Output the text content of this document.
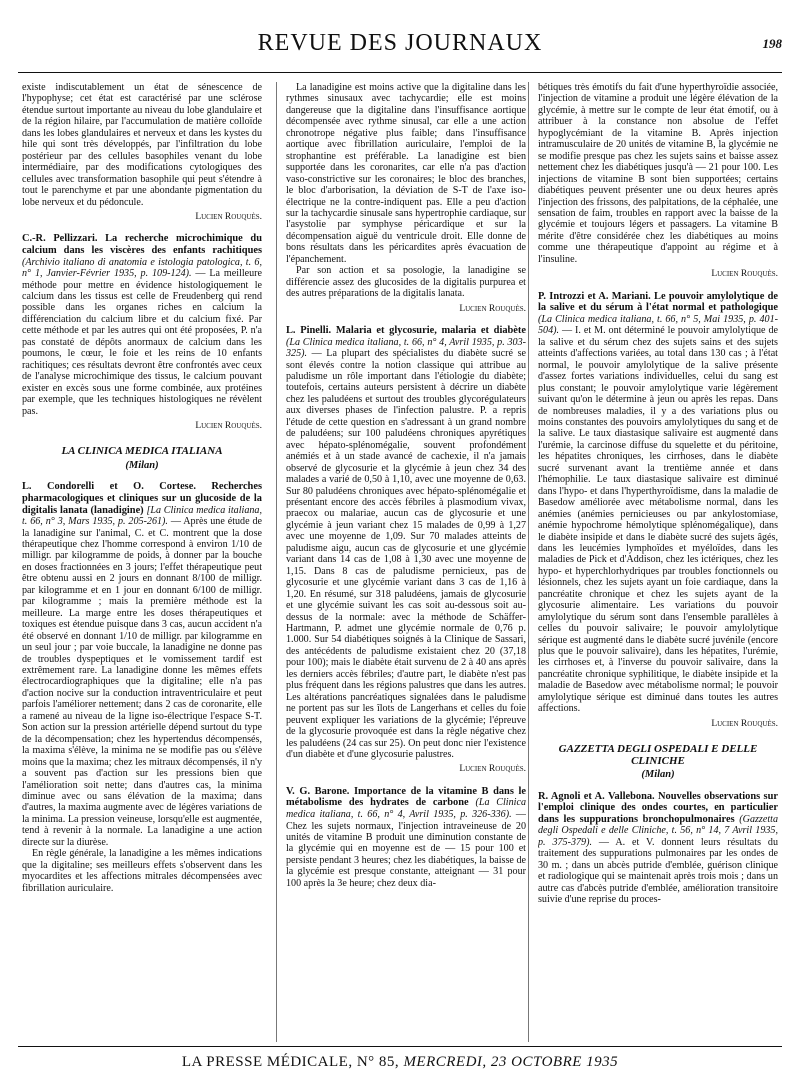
REVUE DES JOURNAUX	198

existe indiscutablement un état de sénescence de l'hypophyse; cet état est caractérisé par une sclérose étendue surtout importante au niveau du lobe glandulaire et de la région hilaire, par l'accumulation de matière colloïde dans les lobes glandulaires et nerveux et dans les kystes du hile qui sont très développés, par l'infiltration du lobe postérieur par des cellules basophiles venant du lobe intermédiaire, par des modifications cytologiques des cellules avec transformation basophile qui peut s'étendre à tout le parenchyme et par une abondante pigmentation du lobe nerveux et du pédoncule.

Lucien Rouquès.

C.-R. Pellizzari. La recherche microchimique du calcium dans les viscères des enfants rachitiques (Archivio italiano di anatomia e istologia patologica, t. 6, n° 1, Janvier-Février 1935, p. 109-124). — La meilleure méthode pour mettre en évidence histologiquement le calcium dans les tissus est celle de Freudenberg qui rend possible dans les organes riches en calcium la différenciation du calcium libre et du calcium fixé. Par cette méthode et par les autres qui ont été proposées, P. n'a pas constaté de dépôts anormaux de calcium dans les poumons, le cœur, le foie et les reins de 10 enfants rachitiques; ces résultats devront être confrontés avec ceux de l'analyse microchimique des tissus, le calcium pouvant exister en excès sous une forme combinée, aux protéines par exemple, que les techniques histologiques ne révèlent pas.

Lucien Rouquès.
LA CLINICA MEDICA ITALIANA
(Milan)

L. Condorelli et O. Cortese. Recherches pharmacologiques et cliniques sur un glucoside de la digitalis lanata (lanadigine) [La Clinica medica italiana, t. 66, n° 3, Mars 1935, p. 205-261). — Après une étude de la lanadigine sur l'animal, C. et C. montrent que la dose thérapeutique chez l'homme correspond à environ 1/10 de milligr. par kilogramme de poids, à donner par la bouche en doses fractionnées en 3 jours; l'effet thérapeutique peut être obtenu aussi en 2 jours en donnant 8/100 de milligr. par kilogramme et en 1 jour en donnant 6/100 de milligr. par kilogramme ; mais la première méthode est la meilleure. La marge entre les doses thérapeutiques et toxiques est étendue puisque dans 3 cas, aucun accident n'a été observé en donnant 1/10 de milligr. par kilogramme en un seul jour ; par voie buccale, la lanadigine ne donne pas de troubles dyspeptiques et le vomissement tardif est extrêmement rare. La lanadigine donne les mêmes effets électrocardiographiques que la digitaline; elle n'a pas d'action nocive sur la conduction intraventriculaire et peut parfois l'améliorer nettement; dans 2 cas de coronarite, elle a ramené au niveau de la ligne iso-électrique l'espace S-T. Son action sur la pression artérielle dépend surtout du type de la décompensation; chez les hypertendus décompensés, la maxima s'élève, la minima ne se modifie pas ou s'élève moins que la maxima; chez les mitraux décompensés, il n'y a souvent pas d'action sur les pressions bien que l'amélioration soit nette; dans d'autres cas, la minima diminue avec ou sans élévation de la maxima; dans d'autres, la maxima augmente avec de légères variations de la minima. La pression veineuse, lorsqu'elle est augmentée, tend à revenir à la normale. La lanadigine a une action directe sur la diurèse.

En règle générale, la lanadigine a les mêmes indications que la digitaline; ses meilleurs effets s'observent dans les myocardites et les affections mitrales décompensées avec fibrillation auriculaire.

La lanadigine est moins active que la digitaline dans les rythmes sinusaux avec tachycardie; elle est moins dangereuse que la digitaline dans l'insuffisance aortique décompensée avec rythme sinusal, car elle a une action chronotrope négative plus faible; dans l'insuffisance aortique avec fibrillation auriculaire, l'emploi de la strophantine est préférable. La lanadigine est bien supportée dans les coronarites, car elle n'a pas d'action vaso-constrictive sur les coronaires; le bloc des branches, le bloc d'arborisation, la déviation de S-T de l'axe iso-électrique ne la contre-indiquent pas. Elle a peu d'action sur la tachycardie sinusale sans hypertrophie cardiaque, sur l'asystolie par symphyse péricardique et sur la décompensation aiguë du ventricule droit. Elle donne de bons résultats dans les péricardites après évacuation de l'épanchement.

Par son action et sa posologie, la lanadigine se différencie assez des glucosides de la digitalis purpurea et des autres préparations de la digitalis lanata.

Lucien Rouquès.

L. Pinelli. Malaria et glycosurie, malaria et diabète (La Clinica medica italiana, t. 66, n° 4, Avril 1935, p. 303-325). — La plupart des spécialistes du diabète sucré se sont élevés contre la notion classique qui attribue au paludisme un rôle important dans l'étiologie du diabète; toutefois, certains auteurs persistent à décrire un diabète chez les paludéens et surtout des troubles glycorégulateurs aux diverses phases de l'infection palustre. P. a repris l'étude de cette question en s'adressant à un grand nombre de paludéens; sur 100 paludéens chroniques apyrétiques avec hépato-splénomégalie, souvent profondément anémiés et à un stade avancé de cachexie, il n'a jamais observé de glycosurie et la glycémie à jeun chez 34 des malades a varié de 0,50 à 1,10, avec une moyenne de 0,63. Sur 80 paludéens chroniques avec hépato-splénomégalie et présentant encore des accès fébriles à plasmodium vivax, praecox ou malariae, aucun cas de glycosurie et une glycémie à jeun variant chez 15 malades de 0,99 à 1,27 avec une moyenne de 1,09. Sur 70 malades atteints de paludisme aigu, aucun cas de glycosurie et une glycémie variant dans 14 cas de 1,08 à 1,30 avec une moyenne de 1,15. Dans 8 cas de paludisme pernicieux, pas de glycosurie et une glycémie variant dans 3 cas de 1,16 à 1,20. En résumé, sur 318 paludéens, jamais de glycosurie et une glycémie suivant les cas soit au-dessous soit au-dessus de la normale: avec la méthode de Schäffer-Hartmann, P. admet une glycémie normale de 0,76 p. 1.000. Sur 54 diabétiques soignés à la Clinique de Sassari, des antécédents de paludisme existaient chez 20 (37,18 pour 100); mais le diabète était survenu de 2 à 40 ans après les derniers accès fébriles; d'autre part, le diabète n'est pas plus fréquent dans les régions palustres que dans les autres. Les altérations pancréatiques signalées dans le paludisme ne portent pas sur les îlots de Langerhans et celles du foie peuvent expliquer les variations de la glycémie; l'épreuve de la glycosurie provoquée est dans la règle négative chez les paludéens (24 cas sur 25). On peut donc nier l'existence d'un diabète et d'une glycosurie palustres.

Lucien Rouquès.

V. G. Barone. Importance de la vitamine B dans le métabolisme des hydrates de carbone (La Clinica medica italiana, t. 66, n° 4, Avril 1935, p. 326-336). — Chez les sujets normaux, l'injection intraveineuse de 20 unités de vitamine B produit une diminution constante de la glycémie qui en moyenne est de — 15 pour 100 et persiste pendant 3 heures; chez les diabétiques, la baisse de la glycémie est presque constante, atteignant — 31 pour 100 après la 3e heure; chez deux dia-

bétiques très émotifs du fait d'une hyperthyroïdie associée, l'injection de vitamine a produit une légère élévation de la glycémie, à mettre sur le compte de leur état émotif, ou à attribuer à la constance non absolue de l'effet hypoglycémiant de la vitamine B. Après injection intramusculaire de 20 unités de vitamine B, la glycémie ne se modifie presque pas chez les sujets sains et baisse assez nettement chez les diabétiques jusqu'à — 21 pour 100. Les injections de vitamine B sont bien supportées; certains diabétiques peuvent présenter une ou deux heures après l'injection des frissons, des palpitations, de la céphalée, une sensation de faim, troubles en rapport avec la baisse de la glycémie et toujours légers et passagers. La vitamine B mérite d'être considérée chez les diabétiques au moins comme une thérapeutique d'appoint au régime et à l'insuline.

Lucien Rouquès.

P. Introzzi et A. Mariani. Le pouvoir amylolytique de la salive et du sérum à l'état normal et pathologique (La Clinica medica italiana, t. 66, n° 5, Mai 1935, p. 401-504). — I. et M. ont déterminé le pouvoir amylolytique de la salive et du sérum chez des sujets sains et des sujets atteints d'affections variées, au total dans 130 cas ; à l'état normal, le pouvoir amylolytique de la salive présente d'assez fortes variations individuelles, celui du sang est plus constant; le pouvoir amylolytique varie légèrement suivant qu'on le détermine à jeun ou après les repas. Dans de nombreuses maladies, il y a des variations plus ou moins constantes des pouvoirs amylolytiques du sang et de la salive. Le taux diastasique salivaire est augmenté dans l'urémie, la carcinose diffuse du squelette et du péritoine, les hépatites chroniques, les cirrhoses, dans le diabète sucré survenant avant la trentième année et dans l'hémophilie. Le taux diastasique salivaire est diminué dans l'hypo- et dans l'hyperthyroïdisme, dans la maladie de Basedow améliorée avec métabolisme normal, dans les anémies (anémies pernicieuses ou par ankylostomiase, anémie hypochrome hémolytique splénomégalique), dans le diabète insipide et dans le diabète sucré des sujets âgés, dans les leucémies lymphoïdes et myéloïdes, dans les maladies de Pick et d'Addison, chez les ictériques, chez les hypo- et hyperchlorhydriques par troubles fonctionnels ou lésionnels, chez les sujets ayant un foie cardiaque, dans la pancréatite chronique et chez les sujets ayant de la glycosurie alimentaire. Les variations du pouvoir amylolytique du sérum sont dans l'ensemble parallèles à celles du pouvoir salivaire; le pouvoir amylolytique sérique est augmenté dans le diabète sucré juvénile (encore plus que le pouvoir salivaire), dans les hépatites, l'urémie, les cirrhoses et, à l'inverse du pouvoir salivaire, dans la pancréatite chronique syphilitique, le diabète insipide et la maladie de Basedow avec métabolisme normal; le pouvoir amylolytique sérique est diminué dans toutes les autres affections.

Lucien Rouquès.
GAZZETTA DEGLI OSPEDALI E DELLE CLINICHE
(Milan)

R. Agnoli et A. Vallebona. Nouvelles observations sur l'emploi clinique des ondes courtes, en particulier dans les suppurations bronchopulmonaires (Gazzetta degli Ospedali e delle Cliniche, t. 56, n° 14, 7 Avril 1935, p. 375-379). — A. et V. donnent leurs résultats du traitement des suppurations pulmonaires par les ondes de 30 m. ; dans un abcès putride d'emblée, guérison clinique et radiologique qui se maintenait après trois mois ; dans un autre cas d'abcès putride d'emblée, amélioration transitoire suivie d'une reprise du proces-

LA PRESSE MÉDICALE, N° 85, MERCREDI, 23 OCTOBRE 1935
